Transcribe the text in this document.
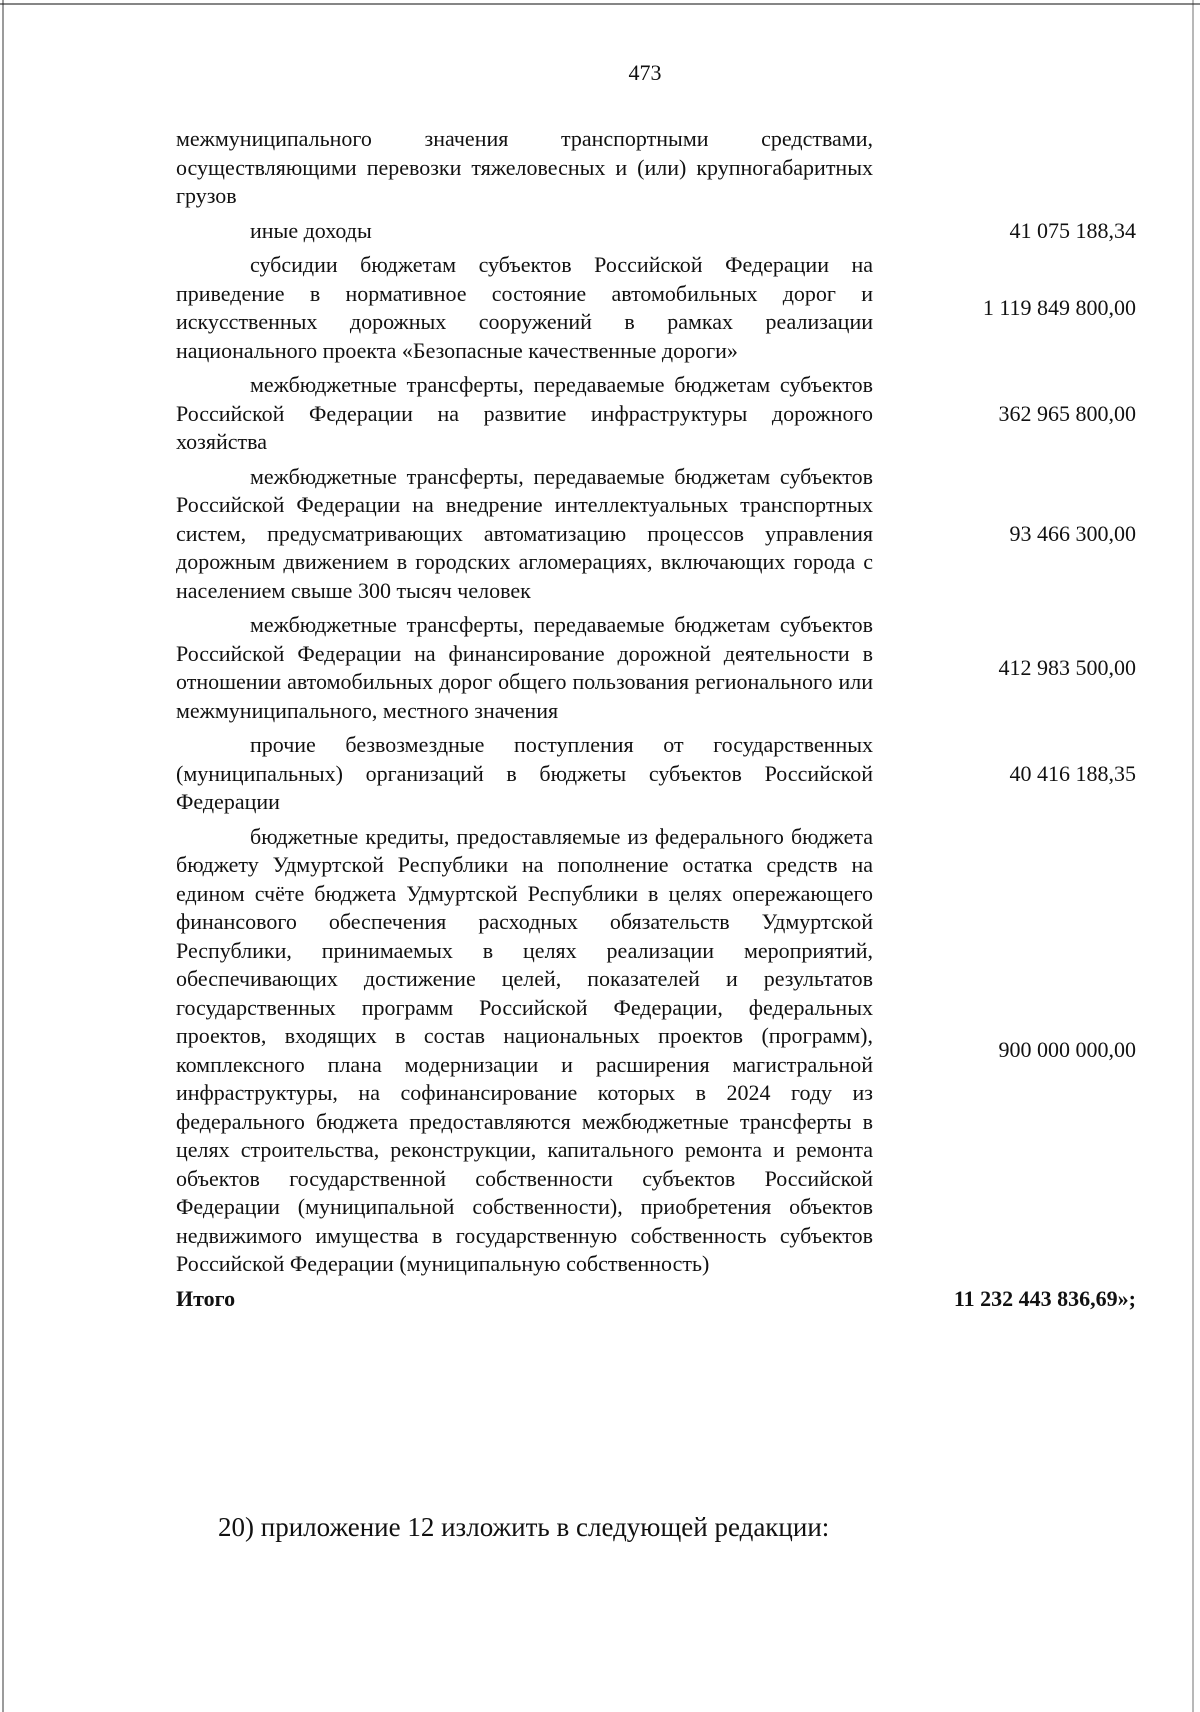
473
межмуниципального значения транспортными средствами, осуществляющими перевозки тяжеловесных и (или) крупногабаритных грузов
иные доходы	41 075 188,34
субсидии бюджетам субъектов Российской Федерации на приведение в нормативное состояние автомобильных дорог и искусственных дорожных сооружений в рамках реализации национального проекта «Безопасные качественные дороги»
1 119 849 800,00
межбюджетные трансферты, передаваемые бюджетам субъектов Российской Федерации на развитие инфраструктуры дорожного хозяйства
362 965 800,00
межбюджетные трансферты, передаваемые бюджетам субъектов Российской Федерации на внедрение интеллектуальных транспортных систем, предусматривающих автоматизацию процессов управления дорожным движением в городских агломерациях, включающих города с населением свыше 300 тысяч человек
93 466 300,00
межбюджетные трансферты, передаваемые бюджетам субъектов Российской Федерации на финансирование дорожной деятельности в отношении автомобильных дорог общего пользования регионального или межмуниципального, местного значения
412 983 500,00
прочие безвозмездные поступления от государственных (муниципальных) организаций в бюджеты субъектов Российской Федерации
40 416 188,35
бюджетные кредиты, предоставляемые из федерального бюджета бюджету Удмуртской Республики на пополнение остатка средств на едином счёте бюджета Удмуртской Республики в целях опережающего финансового обеспечения расходных обязательств Удмуртской Республики, принимаемых в целях реализации мероприятий, обеспечивающих достижение целей, показателей и результатов государственных программ Российской Федерации, федеральных проектов, входящих в состав национальных проектов (программ), комплексного плана модернизации и расширения магистральной инфраструктуры, на софинансирование которых в 2024 году из федерального бюджета предоставляются межбюджетные трансферты в целях строительства, реконструкции, капитального ремонта и ремонта объектов государственной собственности субъектов Российской Федерации (муниципальной собственности), приобретения объектов недвижимого имущества в государственную собственность субъектов Российской Федерации (муниципальную собственность)
900 000 000,00
Итого	11 232 443 836,69»;
20) приложение 12 изложить в следующей редакции:
